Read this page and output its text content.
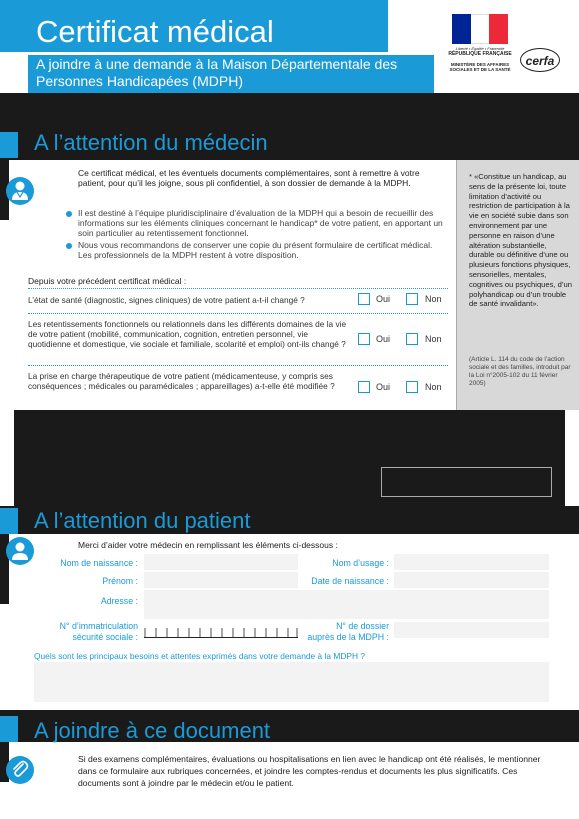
Certificat médical
A joindre à une demande à la Maison Départementale des Personnes Handicapées (MDPH)
Liberté • Égalité • Fraternité
RÉPUBLIQUE FRANÇAISE
MINISTÈRE DES AFFAIRES SOCIALES ET DE LA SANTÉ
cerfa
A l’attention du médecin
Ce certificat médical, et les éventuels documents complémentaires, sont à remettre à votre patient, pour qu’il les joigne, sous pli confidentiel, à son dossier de demande à la MDPH.
Il est destiné à l’équipe pluridisciplinaire d’évaluation de la MDPH qui a besoin de recueillir des informations sur les éléments cliniques concernant le handicap* de votre patient, en apportant un soin particulier au retentissement fonctionnel.
Nous vous recommandons de conserver une copie du présent formulaire de certificat médical. Les professionnels de la MDPH restent à votre disposition.
Depuis votre précédent certificat médical :
L’état de santé (diagnostic, signes cliniques) de votre patient a-t-il changé ?	Oui	Non
Les retentissements fonctionnels ou relationnels dans les différents domaines de la vie de votre patient (mobilité, communication, cognition, entretien personnel, vie quotidienne et domestique, vie sociale et familiale, scolarité et emploi) ont-ils changé ?	Oui	Non
La prise en charge thérapeutique de votre patient (médicamenteuse, y compris ses conséquences ; médicales ou paramédicales ; appareillages) a-t-elle été modifiée ?	Oui	Non
* «Constitue un handicap, au sens de la présente loi, toute limitation d’activité ou restriction de participation à la vie en société subie dans son environnement par une personne en raison d’une altération substantielle, durable ou définitive d’une ou plusieurs fonctions physiques, sensorielles, mentales, cognitives ou psychiques, d’un polyhandicap ou d’un trouble de santé invalidant».
(Article L. 114 du code de l’action sociale et des familles, introduit par la Loi n°2005-102 du 11 février 2005)
A l’attention du patient
Merci d’aider votre médecin en remplissant les éléments ci-dessous :
Nom de naissance :	Nom d’usage :
Prénom :	Date de naissance :
Adresse :
N° d’immatriculation
sécurité sociale :
N° de dossier
auprès de la MDPH :
Quels sont les principaux besoins et attentes exprimés dans votre demande à la MDPH ?
A joindre à ce document
Si des examens complémentaires, évaluations ou hospitalisations en lien avec le handicap ont été réalisés, le mentionner dans ce formulaire aux rubriques concernées, et joindre les comptes-rendus et documents les plus significatifs. Ces documents sont à joindre par le médecin et/ou le patient.
